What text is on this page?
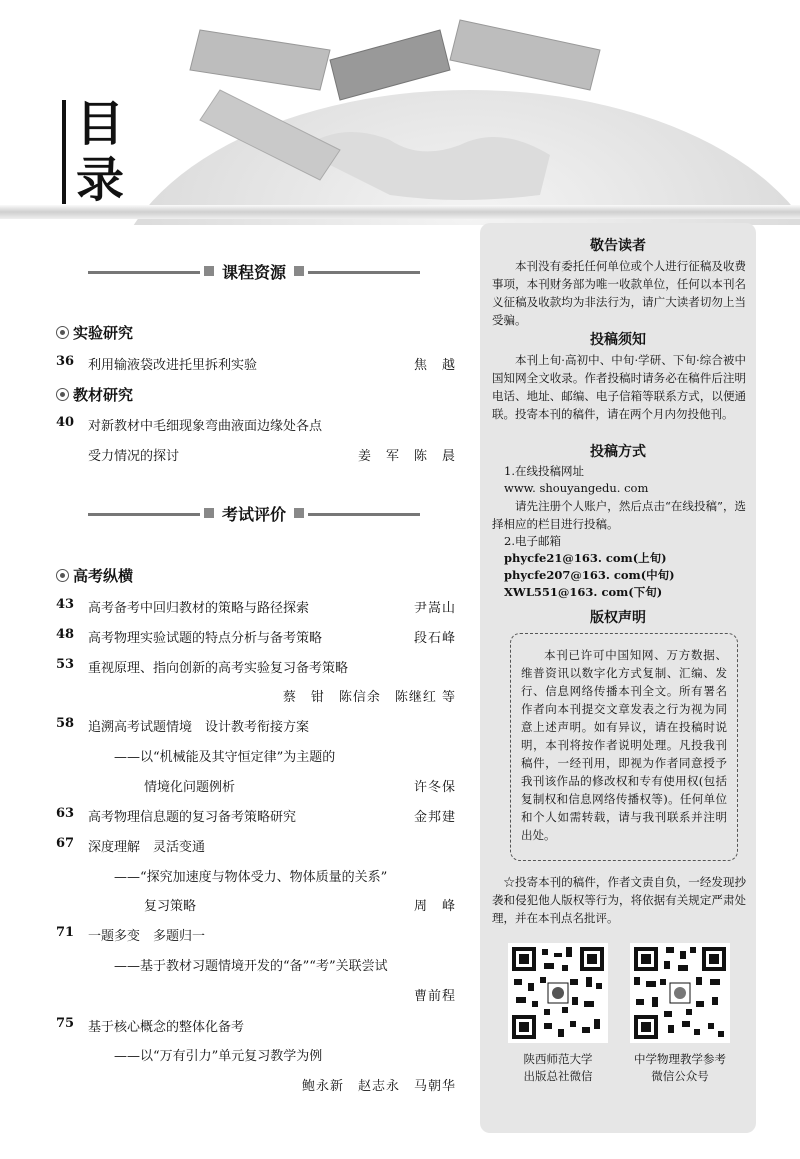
目
录
课程资源
实验研究
36 利用输液袋改进托里拆利实验	焦　越
教材研究
40 对新教材中毛细现象弯曲液面边缘处各点
受力情况的探讨	姜　军　陈　晨
考试评价
高考纵横
43 高考备考中回归教材的策略与路径探索	尹嵩山
48 高考物理实验试题的特点分析与备考策略	段石峰
53 重视原理、指向创新的高考实验复习备考策略
蔡　钳　陈信余　陈继红 等
58 追溯高考试题情境　设计教考衔接方案
——以“机械能及其守恒定律”为主题的
情境化问题例析	许冬保
63 高考物理信息题的复习备考策略研究	金邦建
67 深度理解　灵活变通
——“探究加速度与物体受力、物体质量的关系”
复习策略	周　峰
71 一题多变　多题归一
——基于教材习题情境开发的“备”“考”关联尝试
曹前程
75 基于核心概念的整体化备考
——以“万有引力”单元复习教学为例
鲍永新　赵志永　马朝华
敬告读者
本刊没有委托任何单位或个人进行征稿及收费事项，本刊财务部为唯一收款单位，任何以本刊名义征稿及收款均为非法行为，请广大读者切勿上当受骗。
投稿须知
本刊上旬·高初中、中旬·学研、下旬·综合被中国知网全文收录。作者投稿时请务必在稿件后注明电话、地址、邮编、电子信箱等联系方式，以便通联。投寄本刊的稿件，请在两个月内勿投他刊。
投稿方式
1.在线投稿网址
www. shouyangedu. com
请先注册个人账户，然后点击“在线投稿”，选择相应的栏目进行投稿。
2.电子邮箱
phycfe21@163. com(上旬)
phycfe207@163. com(中旬)
XWL551@163. com(下旬)
版权声明
本刊已许可中国知网、万方数据、维普资讯以数字化方式复制、汇编、发行、信息网络传播本刊全文。所有署名作者向本刊提交文章发表之行为视为同意上述声明。如有异议，请在投稿时说明，本刊将按作者说明处理。凡投我刊稿件，一经刊用，即视为作者同意授予我刊该作品的修改权和专有使用权(包括复制权和信息网络传播权等)。任何单位和个人如需转载，请与我刊联系并注明出处。
☆投寄本刊的稿件，作者文责自负，一经发现抄袭和侵犯他人版权等行为，将依据有关规定严肃处理，并在本刊点名批评。
陕西师范大学
出版总社微信
中学物理教学参考
微信公众号
